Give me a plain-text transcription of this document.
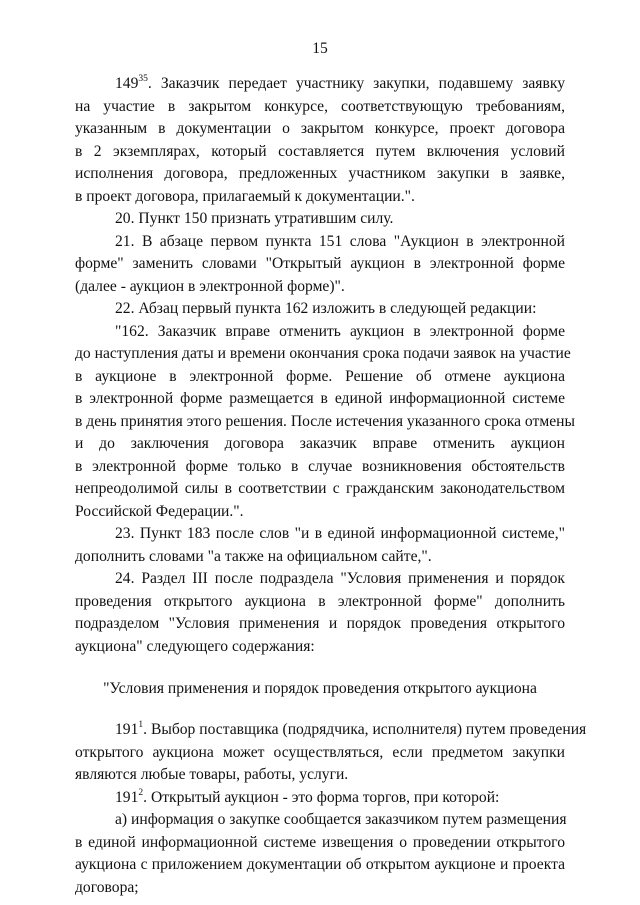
15
$149^{35}$. Заказчик передает участнику закупки, подавшему заявку
на участие в закрытом конкурсе, соответствующую требованиям,
указанным в документации о закрытом конкурсе, проект договора
в 2 экземплярах, который составляется путем включения условий
исполнения договора, предложенных участником закупки в заявке,
в проект договора, прилагаемый к документации.".
20. Пункт 150 признать утратившим силу.
21. В абзаце первом пункта 151 слова "Аукцион в электронной
форме" заменить словами "Открытый аукцион в электронной форме
(далее - аукцион в электронной форме)".
22. Абзац первый пункта 162 изложить в следующей редакции:
"162. Заказчик вправе отменить аукцион в электронной форме
до наступления даты и времени окончания срока подачи заявок на участие
в аукционе в электронной форме. Решение об отмене аукциона
в электронной форме размещается в единой информационной системе
в день принятия этого решения. После истечения указанного срока отмены
и до заключения договора заказчик вправе отменить аукцион
в электронной форме только в случае возникновения обстоятельств
непреодолимой силы в соответствии с гражданским законодательством
Российской Федерации.".
23. Пункт 183 после слов "и в единой информационной системе,"
дополнить словами "а также на официальном сайте,".
24. Раздел III после подраздела "Условия применения и порядок
проведения открытого аукциона в электронной форме" дополнить
подразделом "Условия применения и порядок проведения открытого
аукциона" следующего содержания:
"Условия применения и порядок проведения открытого аукциона
$191^1$. Выбор поставщика (подрядчика, исполнителя) путем проведения
открытого аукциона может осуществляться, если предметом закупки
являются любые товары, работы, услуги.
$191^2$. Открытый аукцион - это форма торгов, при которой:
а) информация о закупке сообщается заказчиком путем размещения
в единой информационной системе извещения о проведении открытого
аукциона с приложением документации об открытом аукционе и проекта
договора;
